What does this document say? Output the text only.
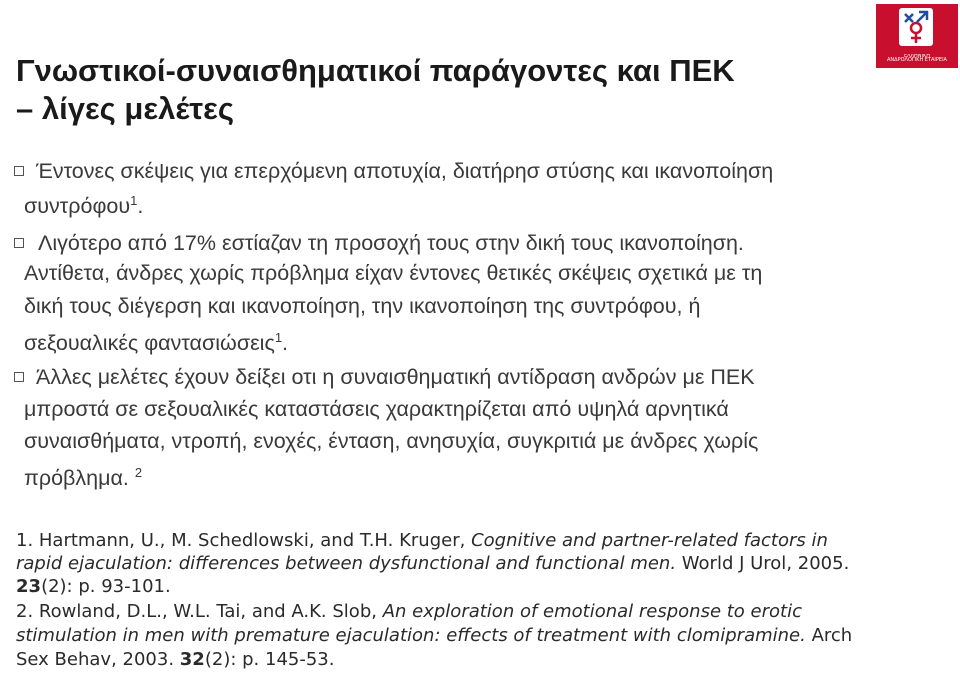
Γνωστικοί-συναισθηματικοί παράγοντες και ΠΕΚ
– λίγες μελέτες
ΕΛΛΗΝΙΚΗ ΑΝΔΡΟΛΟΓΙΚΗ ΕΤΑΙΡΕΙΑ
Έντονες σκέψεις για επερχόμενη αποτυχία, διατήρησ στύσης και ικανοποίηση
συντρόφου$^1$.
Λιγότερο από 17% εστίαζαν τη προσοχή τους στην δική τους ικανοποίηση.
Αντίθετα, άνδρες χωρίς πρόβλημα είχαν έντονες θετικές σκέψεις σχετικά με τη
δική τους διέγερση και ικανοποίηση, την ικανοποίηση της συντρόφου, ή
σεξουαλικές φαντασιώσεις$^1$.
Άλλες μελέτες έχουν δείξει οτι η συναισθηματική αντίδραση ανδρών με ΠΕΚ
μπροστά σε σεξουαλικές καταστάσεις χαρακτηρίζεται από υψηλά αρνητικά
συναισθήματα, ντροπή, ενοχές, ένταση, ανησυχία, συγκριτιά με άνδρες χωρίς
πρόβλημα. $^2$
1. Hartmann, U., M. Schedlowski, and T.H. Kruger, Cognitive and partner-related factors in
rapid ejaculation: differences between dysfunctional and functional men. World J Urol, 2005.
23(2): p. 93-101.
2. Rowland, D.L., W.L. Tai, and A.K. Slob, An exploration of emotional response to erotic
stimulation in men with premature ejaculation: effects of treatment with clomipramine. Arch
Sex Behav, 2003. 32(2): p. 145-53.
